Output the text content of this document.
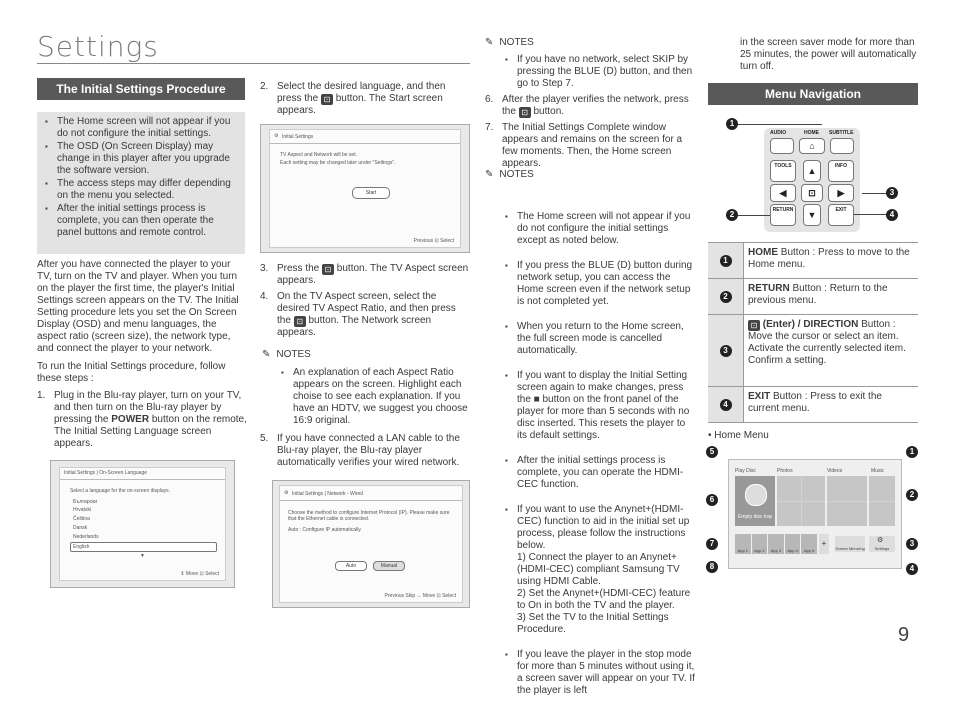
Settings
The Initial Settings Procedure
▪ The Home screen will not appear if you do not configure the initial settings.
▪ The OSD (On Screen Display) may change in this player after you upgrade the software version.
▪ The access steps may differ depending on the menu you selected.
▪ After the initial settings process is complete, you can then operate the panel buttons and remote control.
After you have connected the player to your TV, turn on the TV and player. When you turn on the player the first time, the player's Initial Settings screen appears on the TV. The Initial Setting procedure lets you set the On Screen Display (OSD) and menu languages, the aspect ratio (screen size), the network type, and connect the player to your network.
To run the Initial Settings procedure, follow these steps :
1. Plug in the Blu-ray player, turn on your TV, and then turn on the Blu-ray player by pressing the POWER button on the remote, The Initial Setting Language screen appears.
Initial Settings | On-Screen Language
Select a language for the on-screen displays.
Български
Hrvatski
Čeština
Dansk
Nederlands
English
▼
⇕ Move ⊡ Select
2. Select the desired language, and then press the ⊡ button. The Start screen appears.
⚙ Initial Settings
TV Aspect and Network will be set.
Each setting may be changed later under "Settings".
Start
Previous ⊡ Select
3. Press the ⊡ button. The TV Aspect screen appears.
4. On the TV Aspect screen, select the desired TV Aspect Ratio, and then press the ⊡ button. The Network screen appears.
✎ NOTES
▪ An explanation of each Aspect Ratio appears on the screen. Highlight each choise to see each explanation. If you have an HDTV, we suggest you choose 16:9 original.
5. If you have connected a LAN cable to the Blu-ray player, the Blu-ray player automatically verifies your wired network.
⚙ Initial Settings | Network - Wired
Choose the method to configure Internet Protocol (IP). Please make sure that the Ethernet cable is connected.
Auto : Configure IP automatically.
Auto	Manual
Previous Skip ↔ Move ⊡ Select
✎ NOTES
▪ If you have no network, select SKIP by pressing the BLUE (D) button, and then go to Step 7.
6. After the player verifies the network, press the ⊡ button.
7. The Initial Settings Complete window appears and remains on the screen for a few moments. Then, the Home screen appears.
✎ NOTES

▪ The Home screen will not appear if you do not configure the initial settings except as noted below.

▪ If you press the BLUE (D) button during network setup, you can access the Home screen even if the network setup is not completed yet.

▪ When you return to the Home screen, the full screen mode is cancelled automatically.

▪ If you want to display the Initial Setting screen again to make changes, press the ■ button on the front panel of the player for more than 5 seconds with no disc inserted. This resets the player to its default settings.

▪ After the initial settings process is complete, you can operate the HDMI-CEC function.

▪ If you want to use the Anynet+(HDMI-CEC) function to aid in the initial set up process, please follow the instructions below.
1) Connect the player to an Anynet+(HDMI-CEC) compliant Samsung TV using HDMI Cable.
2) Set the Anynet+(HDMI-CEC) feature to On in both the TV and the player.
3) Set the TV to the Initial Settings Procedure.

▪ If you leave the player in the stop mode for more than 5 minutes without using it, a screen saver will appear on your TV. If the player is left

in the screen saver mode for more than 25 minutes, the power will automatically turn off.
Menu Navigation
AUDIO	HOME SUBTITLE
⌂
TOOLS	▲	INFO
◀	⊡	▶
RETURN	▼	EXIT
1
2
3
4
1	HOME Button : Press to move to the Home menu.
2	RETURN Button : Return to the previous menu.
3	⊡ (Enter) / DIRECTION Button : Move the cursor or select an item. Activate the currently selected item. Confirm a setting.
4	EXIT Button : Press to exit the current menu.
• Home Menu
Play Disc	Photos	Videos	Music
Empty disc tray
App 1	App 2	App 3	App 4	App 5
+
Screen Mirroring	Settings
⚙
1
2
3
4
5
6
7
8
9
